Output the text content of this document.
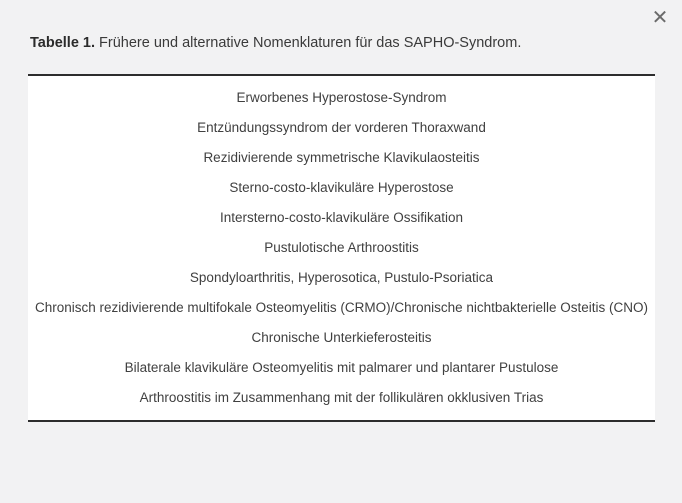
✕
Tabelle 1. Frühere und alternative Nomenklaturen für das SAPHO-Syndrom.
Erworbenes Hyperostose-Syndrom
Entzündungssyndrom der vorderen Thoraxwand
Rezidivierende symmetrische Klavikulaosteitis
Sterno-costo-klavikuläre Hyperostose
Intersterno-costo-klavikuläre Ossifikation
Pustulotische Arthroostitis
Spondyloarthritis, Hyperosotica, Pustulo-Psoriatica
Chronisch rezidivierende multifokale Osteomyelitis (CRMO)/Chronische nichtbakterielle Osteitis (CNO)
Chronische Unterkieferosteitis
Bilaterale klavikuläre Osteomyelitis mit palmarer und plantarer Pustulose
Arthroostitis im Zusammenhang mit der follikulären okklusiven Trias
